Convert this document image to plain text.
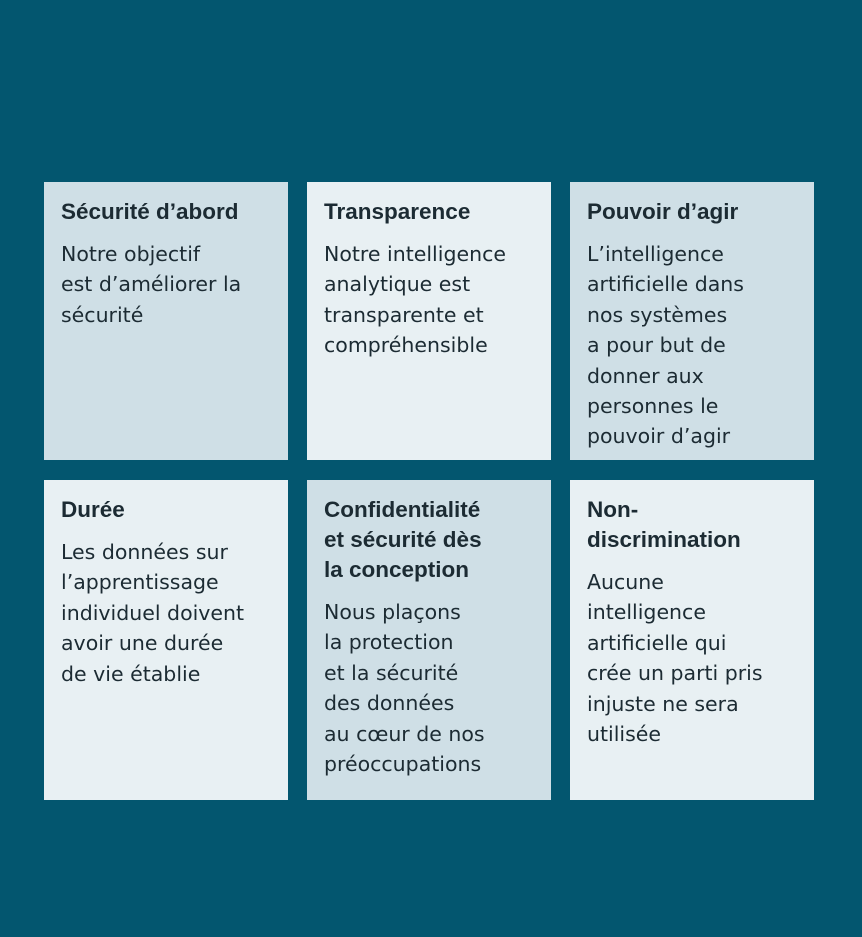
Sécurité d’abord
Notre objectif
est d’améliorer la
sécurité
Transparence
Notre intelligence
analytique est
transparente et
compréhensible
Pouvoir d’agir
L’intelligence
artificielle dans
nos systèmes
a pour but de
donner aux
personnes le
pouvoir d’agir
Durée
Les données sur
l’apprentissage
individuel doivent
avoir une durée
de vie établie
Confidentialité
et sécurité dès
la conception
Nous plaçons
la protection
et la sécurité
des données
au cœur de nos
préoccupations
Non-
discrimination
Aucune
intelligence
artificielle qui
crée un parti pris
injuste ne sera
utilisée
